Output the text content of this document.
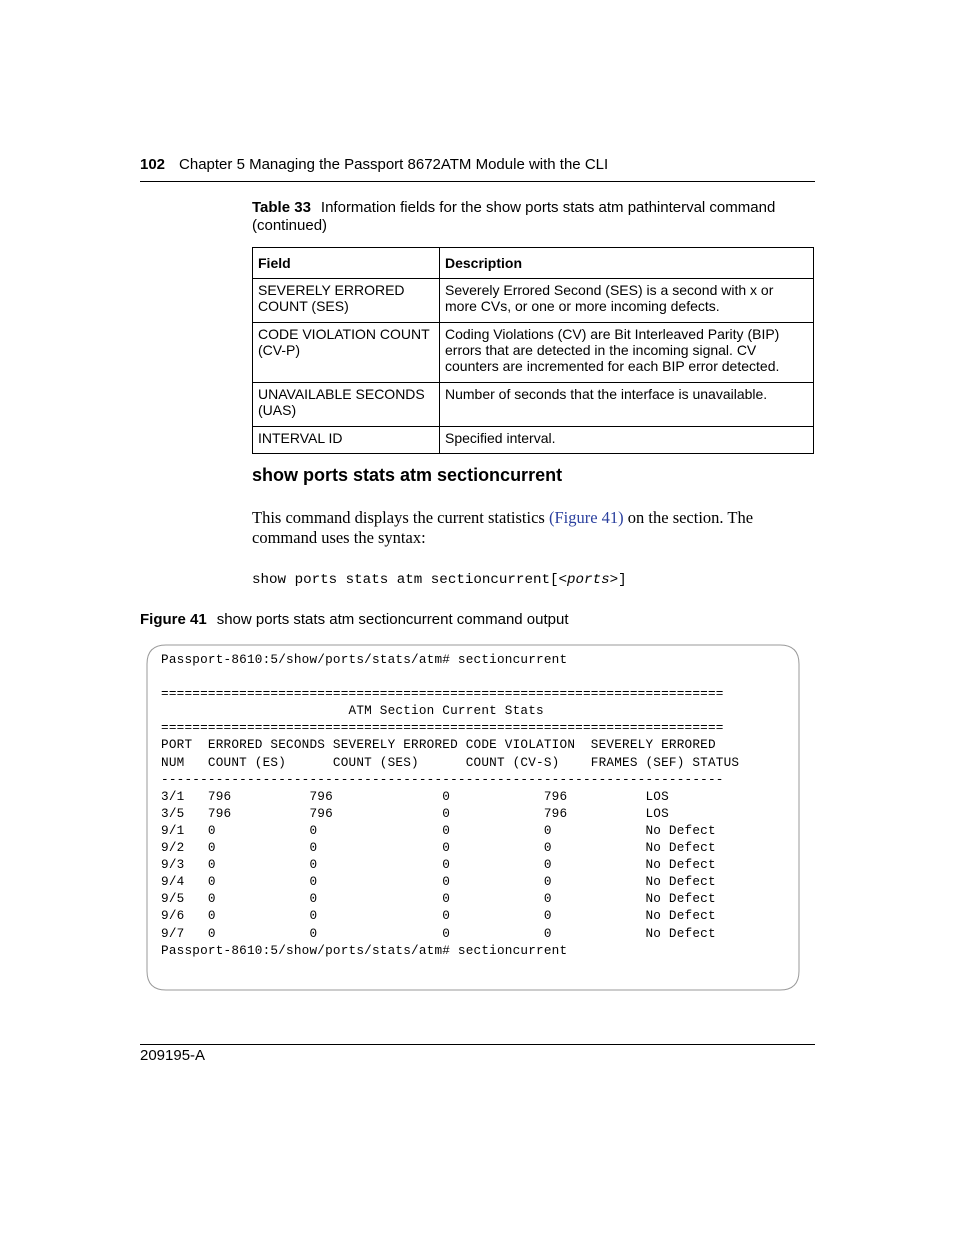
102 Chapter 5 Managing the Passport 8672ATM Module with the CLI
Table 33 Information fields for the show ports stats atm pathinterval command (continued)
Field	Description
SEVERELY ERRORED COUNT (SES)	Severely Errored Second (SES) is a second with x or more CVs, or one or more incoming defects.
CODE VIOLATION COUNT (CV-P)	Coding Violations (CV) are Bit Interleaved Parity (BIP) errors that are detected in the incoming signal. CV counters are incremented for each BIP error detected.
UNAVAILABLE SECONDS (UAS)	Number of seconds that the interface is unavailable.
INTERVAL ID	Specified interval.
show ports stats atm sectioncurrent
This command displays the current statistics (Figure 41) on the section. The command uses the syntax:
show ports stats atm sectioncurrent[<ports>]
Figure 41 show ports stats atm sectioncurrent command output
Passport-8610:5/show/ports/stats/atm# sectioncurrent

========================================================================
ATM Section Current Stats
========================================================================
PORT  ERRORED SECONDS SEVERELY ERRORED CODE VIOLATION  SEVERELY ERRORED
NUM   COUNT (ES)      COUNT (SES)      COUNT (CV-S)    FRAMES (SEF) STATUS
------------------------------------------------------------------------
3/1   796          796              0            796          LOS
3/5   796          796              0            796          LOS
9/1   0            0                0            0            No Defect
9/2   0            0                0            0            No Defect
9/3   0            0                0            0            No Defect
9/4   0            0                0            0            No Defect
9/5   0            0                0            0            No Defect
9/6   0            0                0            0            No Defect
9/7   0            0                0            0            No Defect
Passport-8610:5/show/ports/stats/atm# sectioncurrent
209195-A
